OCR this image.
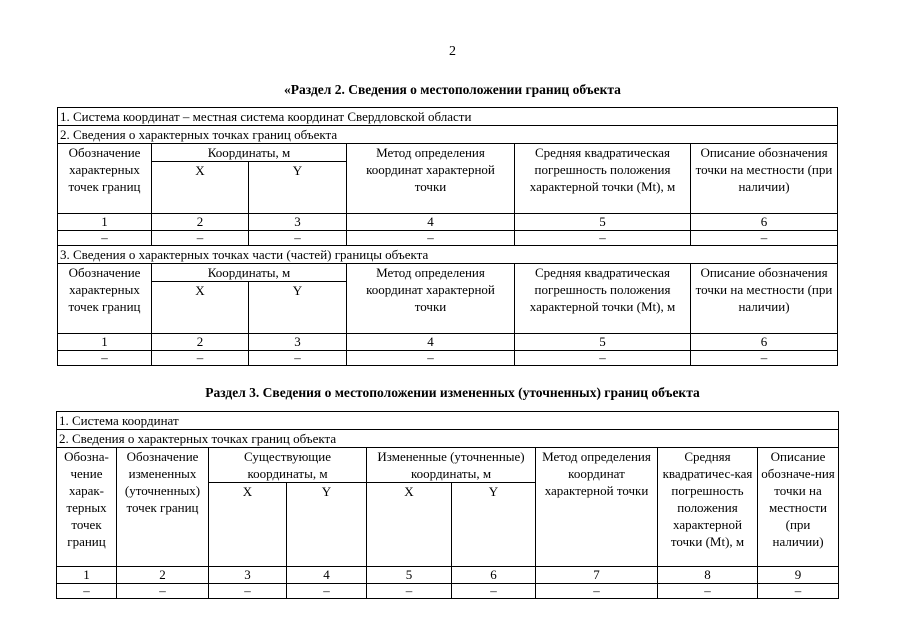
2
«Раздел 2. Сведения о местоположении границ объекта
1. Система координат – местная система координат Свердловской области					
2. Сведения о характерных точках границ объекта					
Обозначение характерных точек границ	Координаты, м		Метод определения координат характерной точки	Средняя квадратическая погрешность положения характерной точки (Mt), м	Описание обозначения точки на местности (при наличии)
	X	Y			
1	2	3	4	5	6
–	–	–	–	–	–
3. Сведения о характерных точках части (частей) границы объекта					
Обозначение характерных точек границ	Координаты, м		Метод определения координат характерной точки	Средняя квадратическая погрешность положения характерной точки (Mt), м	Описание обозначения точки на местности (при наличии)
	X	Y			
1	2	3	4	5	6
–	–	–	–	–	–
Раздел 3. Сведения о местоположении измененных (уточненных) границ объекта
1. Система координат								
2. Сведения о характерных точках границ объекта								
Обозна-чение харак-терных точек границ	Обозначение измененных (уточненных) точек границ	Существующие координаты, м		Измененные (уточненные) координаты, м		Метод определения координат характерной точки	Средняя квадратичес-кая погрешность положения характерной точки (Mt), м	Описание обозначе-ния точки на местности (при наличии)
		X	Y	X	Y			
1	2	3	4	5	6	7	8	9
–	–	–	–	–	–	–	–	–
